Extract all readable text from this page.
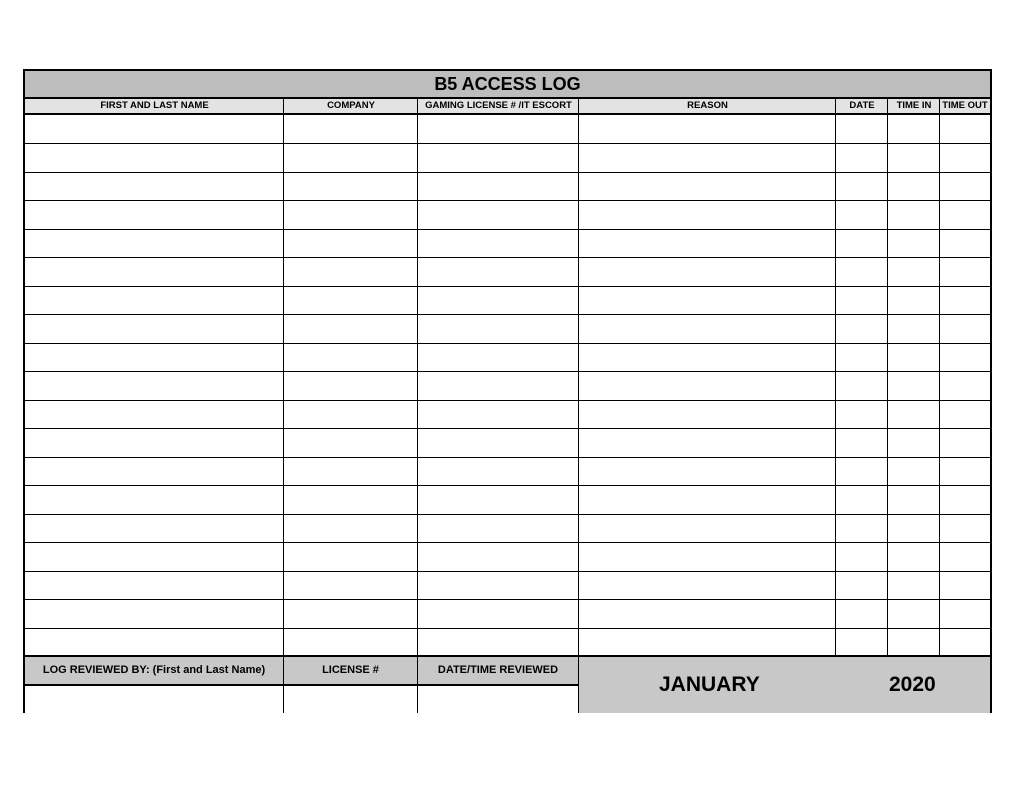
B5 ACCESS LOG
FIRST AND LAST NAME	COMPANY	GAMING LICENSE # /IT ESCORT	REASON	DATE	TIME IN	TIME OUT
LOG REVIEWED BY: (First and Last Name)	LICENSE #	DATE/TIME REVIEWED
JANUARY	2020
